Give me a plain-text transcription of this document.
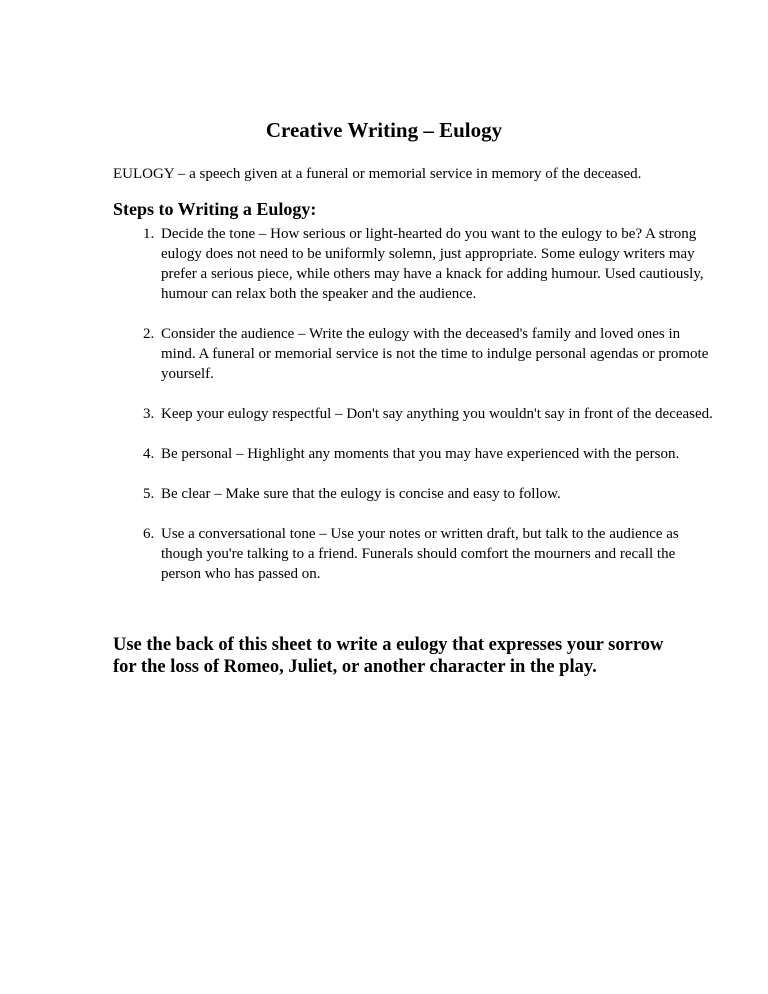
Creative Writing – Eulogy
EULOGY – a speech given at a funeral or memorial service in memory of the deceased.
Steps to Writing a Eulogy:
1. Decide the tone – How serious or light-hearted do you want to the eulogy to be? A strong eulogy does not need to be uniformly solemn, just appropriate. Some eulogy writers may prefer a serious piece, while others may have a knack for adding humour. Used cautiously, humour can relax both the speaker and the audience.
2. Consider the audience – Write the eulogy with the deceased's family and loved ones in mind. A funeral or memorial service is not the time to indulge personal agendas or promote yourself.
3. Keep your eulogy respectful – Don't say anything you wouldn't say in front of the deceased.
4. Be personal – Highlight any moments that you may have experienced with the person.
5. Be clear – Make sure that the eulogy is concise and easy to follow.
6. Use a conversational tone – Use your notes or written draft, but talk to the audience as though you're talking to a friend. Funerals should comfort the mourners and recall the person who has passed on.
Use the back of this sheet to write a eulogy that expresses your sorrow for the loss of Romeo, Juliet, or another character in the play.
